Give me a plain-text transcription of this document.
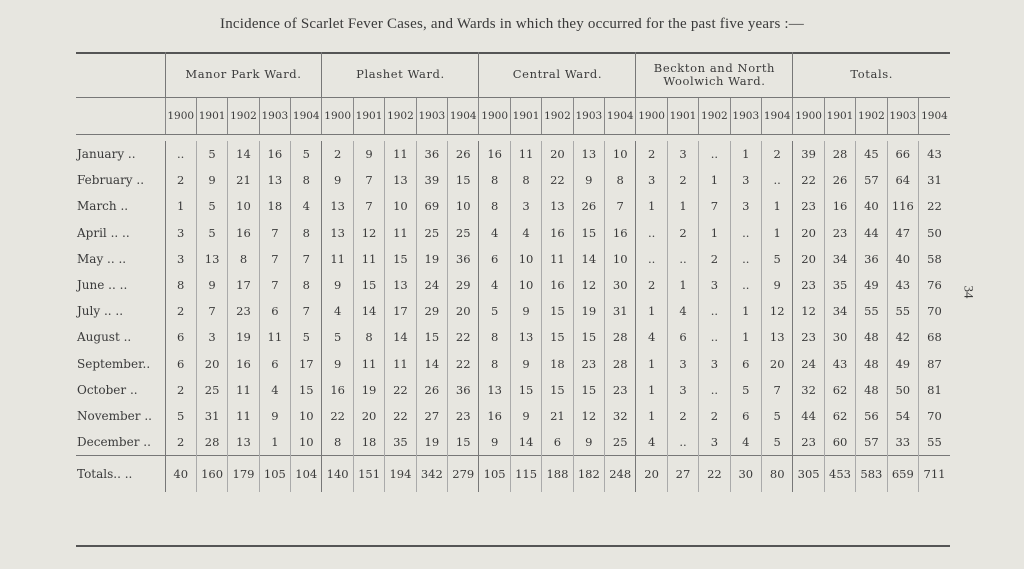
Incidence of Scarlet Fever Cases, and Wards in which they occurred for the past five years :—
34
	Manor Park Ward.					Plashet Ward.					Central Ward.					Beckton and North Woolwich Ward.					Totals.				
	1900	1901	1902	1903	1904	1900	1901	1902	1903	1904	1900	1901	1902	1903	1904	1900	1901	1902	1903	1904	1900	1901	1902	1903	1904

January ..	..	5	14	16	5	2	9	11	36	26	16	11	20	13	10	2	3	..	1	2	39	28	45	66	43
February ..	2	9	21	13	8	9	7	13	39	15	8	8	22	9	8	3	2	1	3	..	22	26	57	64	31
March ..	1	5	10	18	4	13	7	10	69	10	8	3	13	26	7	1	1	7	3	1	23	16	40	116	22
April .. ..	3	5	16	7	8	13	12	11	25	25	4	4	16	15	16	..	2	1	..	1	20	23	44	47	50
May .. ..	3	13	8	7	7	11	11	15	19	36	6	10	11	14	10	..	..	2	..	5	20	34	36	40	58
June .. ..	8	9	17	7	8	9	15	13	24	29	4	10	16	12	30	2	1	3	..	9	23	35	49	43	76
July .. ..	2	7	23	6	7	4	14	17	29	20	5	9	15	19	31	1	4	..	1	12	12	34	55	55	70
August ..	6	3	19	11	5	5	8	14	15	22	8	13	15	15	28	4	6	..	1	13	23	30	48	42	68
September..	6	20	16	6	17	9	11	11	14	22	8	9	18	23	28	1	3	3	6	20	24	43	48	49	87
October ..	2	25	11	4	15	16	19	22	26	36	13	15	15	15	23	1	3	..	5	7	32	62	48	50	81
November ..	5	31	11	9	10	22	20	22	27	23	16	9	21	12	32	1	2	2	6	5	44	62	56	54	70
December ..	2	28	13	1	10	8	18	35	19	15	9	14	6	9	25	4	..	3	4	5	23	60	57	33	55
Totals.. ..	40	160	179	105	104	140	151	194	342	279	105	115	188	182	248	20	27	22	30	80	305	453	583	659	711
